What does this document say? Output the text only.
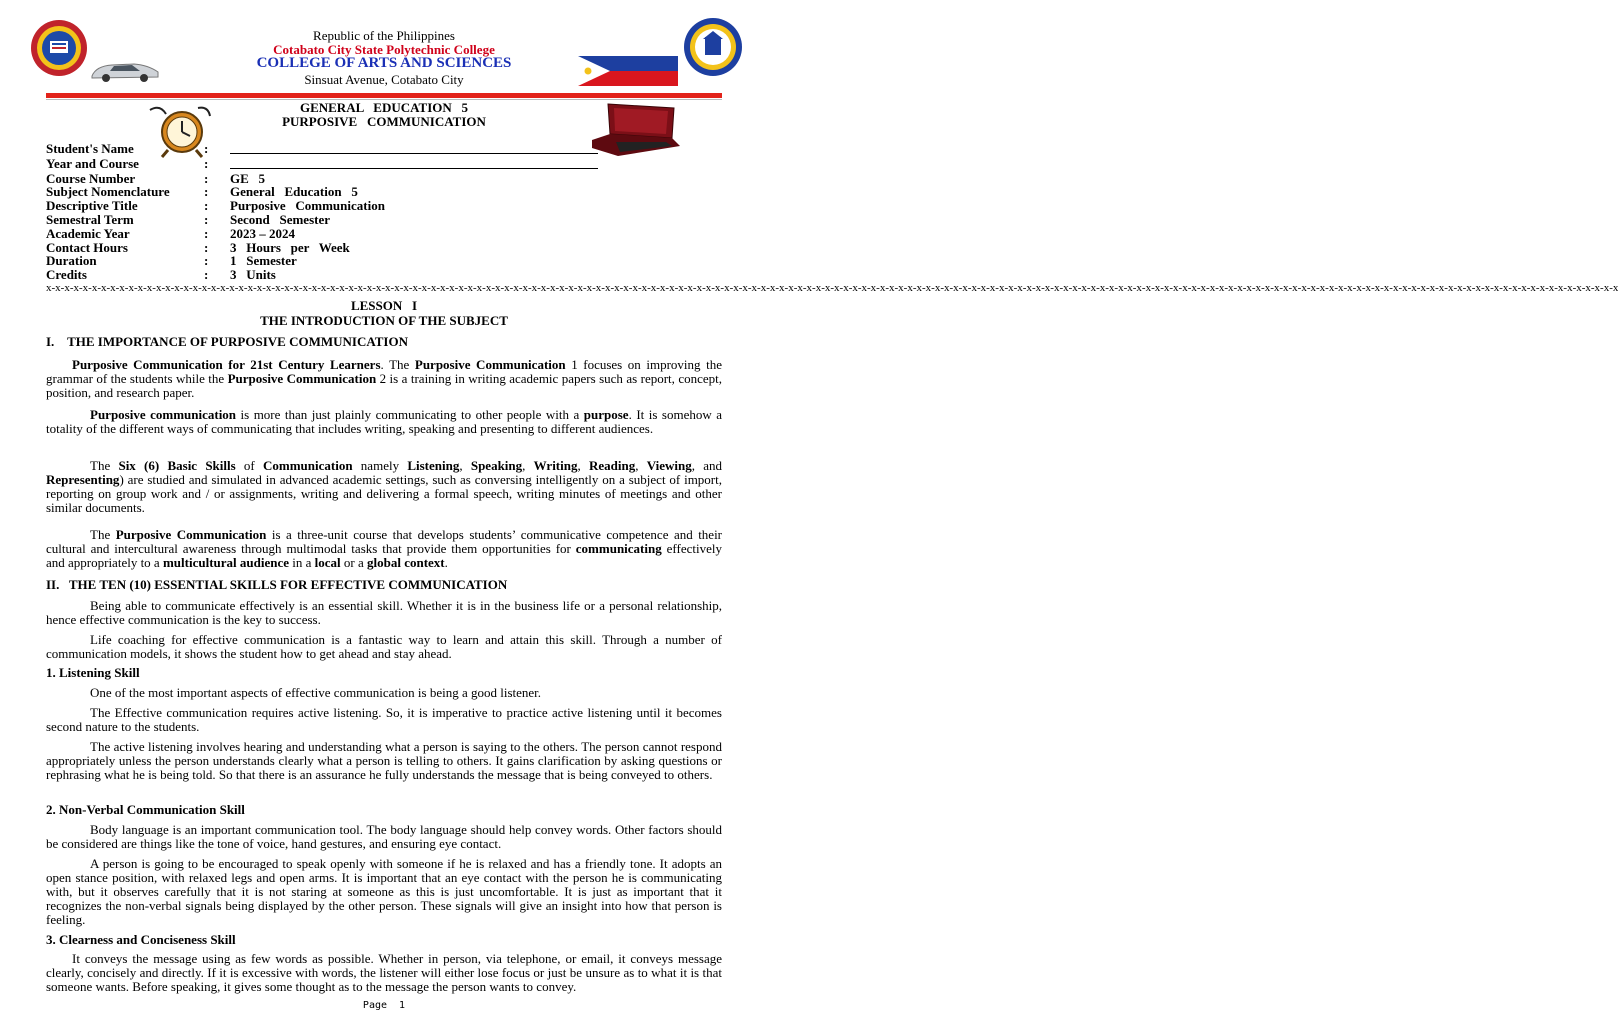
Republic of the Philippines
Cotabato City State Polytechnic College
COLLEGE OF ARTS AND SCIENCES
Sinsuat Avenue, Cotabato City
GENERAL   EDUCATION   5
PURPOSIVE   COMMUNICATION
Student's Name	:	
Year and Course	:	
Course Number	:	GE   5
Subject Nomenclature	:	General   Education   5
Descriptive Title	:	Purposive   Communication
Semestral Term	:	Second   Semester
Academic Year	:	2023 – 2024
Contact Hours	:	3   Hours   per   Week
Duration	:	1   Semester
Credits	:	3   Units
x-x-x-x-x-x-x-x-x-x-x-x-x-x-x-x-x-x-x-x-x-x-x-x-x-x-x-x-x-x-x-x-x-x-x-x-x-x-x-x-x-x-x-x-x-x-x-x-x-x-x-x-x-x-x-x-x-x-x-x-x-x-x-x-x-x-x-x-x-x-x-x-x-x-x-x-x-x-x-x-x-x-x-x-x-x-x-x-x-x-x-x-x-x-x-x-x-x-x-x-x-x-x-x-x-x-x-x-x-x-x-x-x-x-x-x-x-x-x-x-x-x-x-x-x-x-x-x-x-x-x-x-x-x-x-x-x-x-x-x-x-x-x-x-x-x-x-x-x-x-x-x-x-x-x-x-x-x-x-x-x-x-x-x-x-x-x-x-x-x-x-x
LESSON   I
THE INTRODUCTION OF THE SUBJECT
I.    THE IMPORTANCE OF PURPOSIVE COMMUNICATION

Purposive Communication for 21st Century Learners. The Purposive Communication 1 focuses on improving the grammar of the students while the Purposive Communication 2 is a training in writing academic papers such as report, concept, position, and research paper.

Purposive communication is more than just plainly communicating to other people with a purpose. It is somehow a totality of the different ways of communicating that includes writing, speaking and presenting to different audiences.

The Six (6) Basic Skills of Communication namely Listening, Speaking, Writing, Reading, Viewing, and Representing) are studied and simulated in advanced academic settings, such as conversing intelligently on a subject of import, reporting on group work and / or assignments, writing and delivering a formal speech, writing minutes of meetings and other similar documents.

The Purposive Communication is a three-unit course that develops students’ communicative competence and their cultural and intercultural awareness through multimodal tasks that provide them opportunities for communicating effectively and appropriately to a multicultural audience in a local or a global context.

II.   THE TEN (10) ESSENTIAL SKILLS FOR EFFECTIVE COMMUNICATION

Being able to communicate effectively is an essential skill. Whether it is in the business life or a personal relationship, hence effective communication is the key to success.

Life coaching for effective communication is a fantastic way to learn and attain this skill. Through a number of communication models, it shows the student how to get ahead and stay ahead.

1. Listening Skill

One of the most important aspects of effective communication is being a good listener.

The Effective communication requires active listening. So, it is imperative to practice active listening until it becomes second nature to the students.

The active listening involves hearing and understanding what a person is saying to the others. The person cannot respond appropriately unless the person understands clearly what a person is telling to others. It gains clarification by asking questions or rephrasing what he is being told. So that there is an assurance he fully understands the message that is being conveyed to others.

2. Non-Verbal Communication Skill

Body language is an important communication tool. The body language should help convey words. Other factors should be considered are things like the tone of voice, hand gestures, and ensuring eye contact.

A person is going to be encouraged to speak openly with someone if he is relaxed and has a friendly tone. It adopts an open stance position, with relaxed legs and open arms. It is important that an eye contact with the person he is communicating with, but it observes carefully that it is not staring at someone as this is just uncomfortable. It is just as important that it recognizes the non-verbal signals being displayed by the other person. These signals will give an insight into how that person is feeling.

3. Clearness and Conciseness Skill

It conveys the message using as few words as possible. Whether in person, via telephone, or email, it conveys message clearly, concisely and directly. If it is excessive with words, the listener will either lose focus or just be unsure as to what it is that someone wants. Before speaking, it gives some thought as to the message the person wants to convey.

Page  1
